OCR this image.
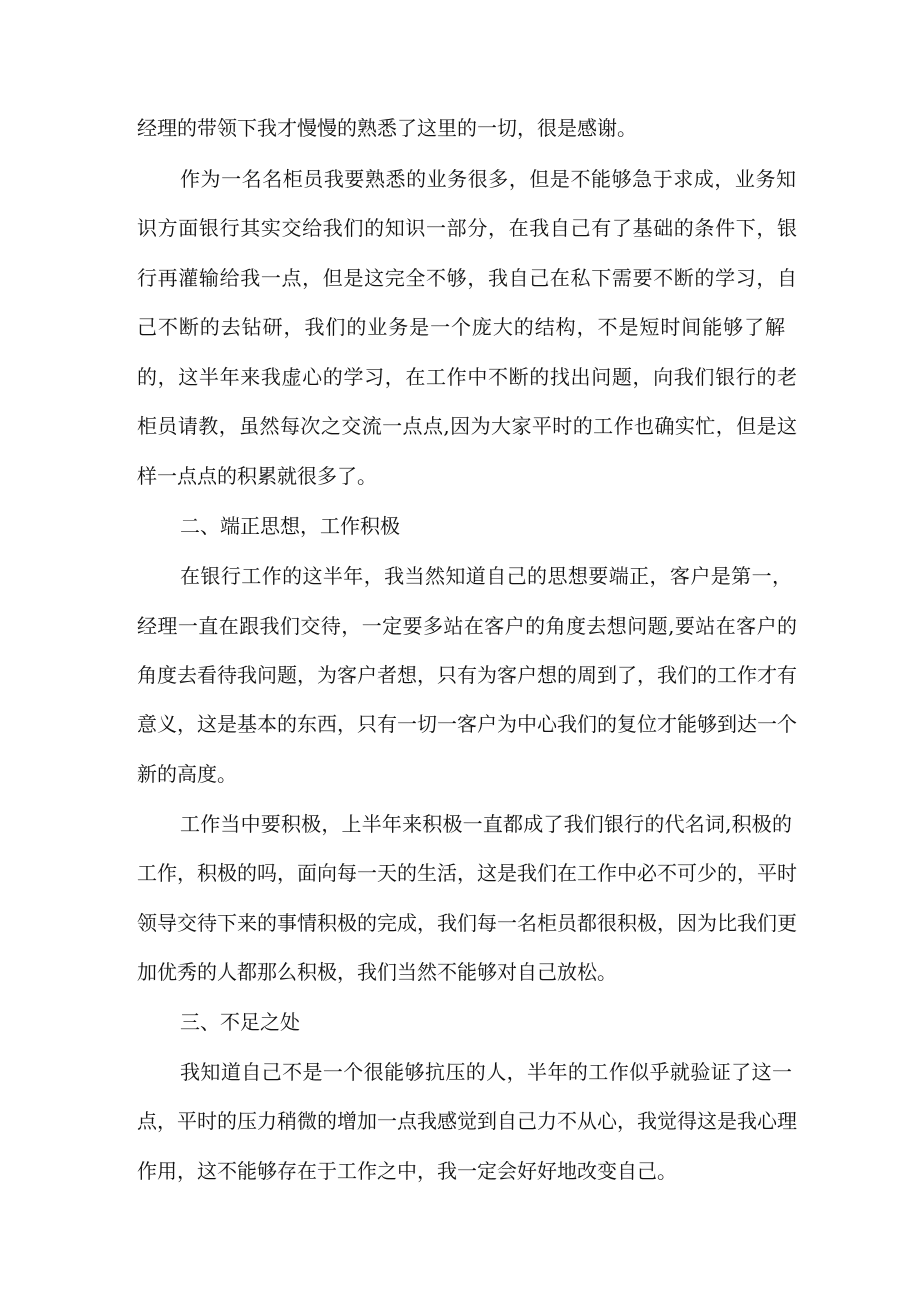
经理的带领下我才慢慢的熟悉了这里的一切，很是感谢。
作为一名名柜员我要熟悉的业务很多，但是不能够急于求成，业务知
识方面银行其实交给我们的知识一部分，在我自己有了基础的条件下，银
行再灌输给我一点，但是这完全不够，我自己在私下需要不断的学习，自
己不断的去钻研，我们的业务是一个庞大的结构，不是短时间能够了解
的，这半年来我虚心的学习，在工作中不断的找出问题，向我们银行的老
柜员请教，虽然每次之交流一点点,因为大家平时的工作也确实忙，但是这
样一点点的积累就很多了。
二、端正思想，工作积极
在银行工作的这半年，我当然知道自己的思想要端正，客户是第一，
经理一直在跟我们交待，一定要多站在客户的角度去想问题,要站在客户的
角度去看待我问题，为客户者想，只有为客户想的周到了，我们的工作才有
意义，这是基本的东西，只有一切一客户为中心我们的复位才能够到达一个
新的高度。
工作当中要积极，上半年来积极一直都成了我们银行的代名词,积极的
工作，积极的吗，面向每一天的生活，这是我们在工作中必不可少的，平时
领导交待下来的事情积极的完成，我们每一名柜员都很积极，因为比我们更
加优秀的人都那么积极，我们当然不能够对自己放松。
三、不足之处
我知道自己不是一个很能够抗压的人，半年的工作似乎就验证了这一
点，平时的压力稍微的增加一点我感觉到自己力不从心，我觉得这是我心理
作用，这不能够存在于工作之中，我一定会好好地改变自己。
